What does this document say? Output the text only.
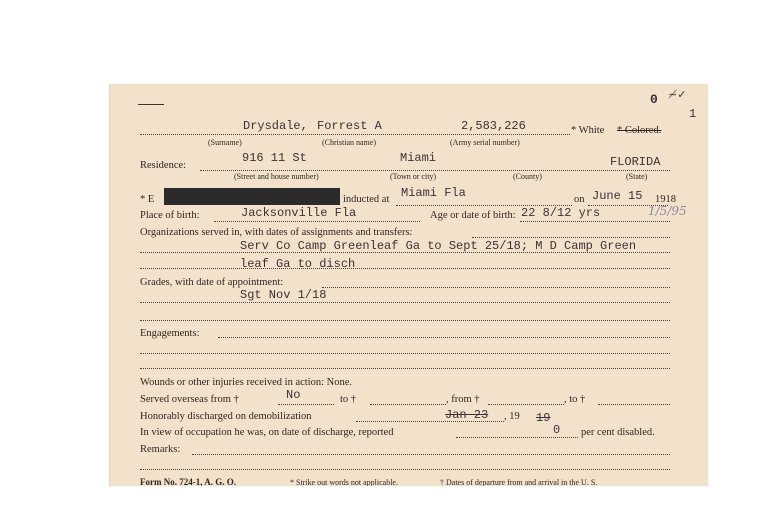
0 ≁✓
1
Drysdale, Forrest A	2,583,226	* White * Colored.
(Surname)	(Christian name)	(Army serial number)
Residence:
916 11 St	Miami	FLORIDA
(Street and house number)	(Town or city)	(County)	(State)
* E	inducted at Miami Fla	on June 15 1918
Place of birth:	Jacksonville Fla	Age or date of birth: 22 8/12 yrs	1/5/95
Organizations served in, with dates of assignments and transfers:
Serv Co Camp Greenleaf Ga to Sept 25/18; M D Camp Green
leaf Ga to disch
Grades, with date of appointment:
Sgt Nov 1/18
Engagements:
Wounds or other injuries received in action: None.
Served overseas from †	No	to †	, from †	, to †
Honorably discharged on demobilization	Jan 23 , 19 19
In view of occupation he was, on date of discharge, reported	0 per cent disabled.
Remarks:
Form No. 724-1, A. G. O.	* Strike out words not applicable.	† Dates of departure from and arrival in the U. S.
